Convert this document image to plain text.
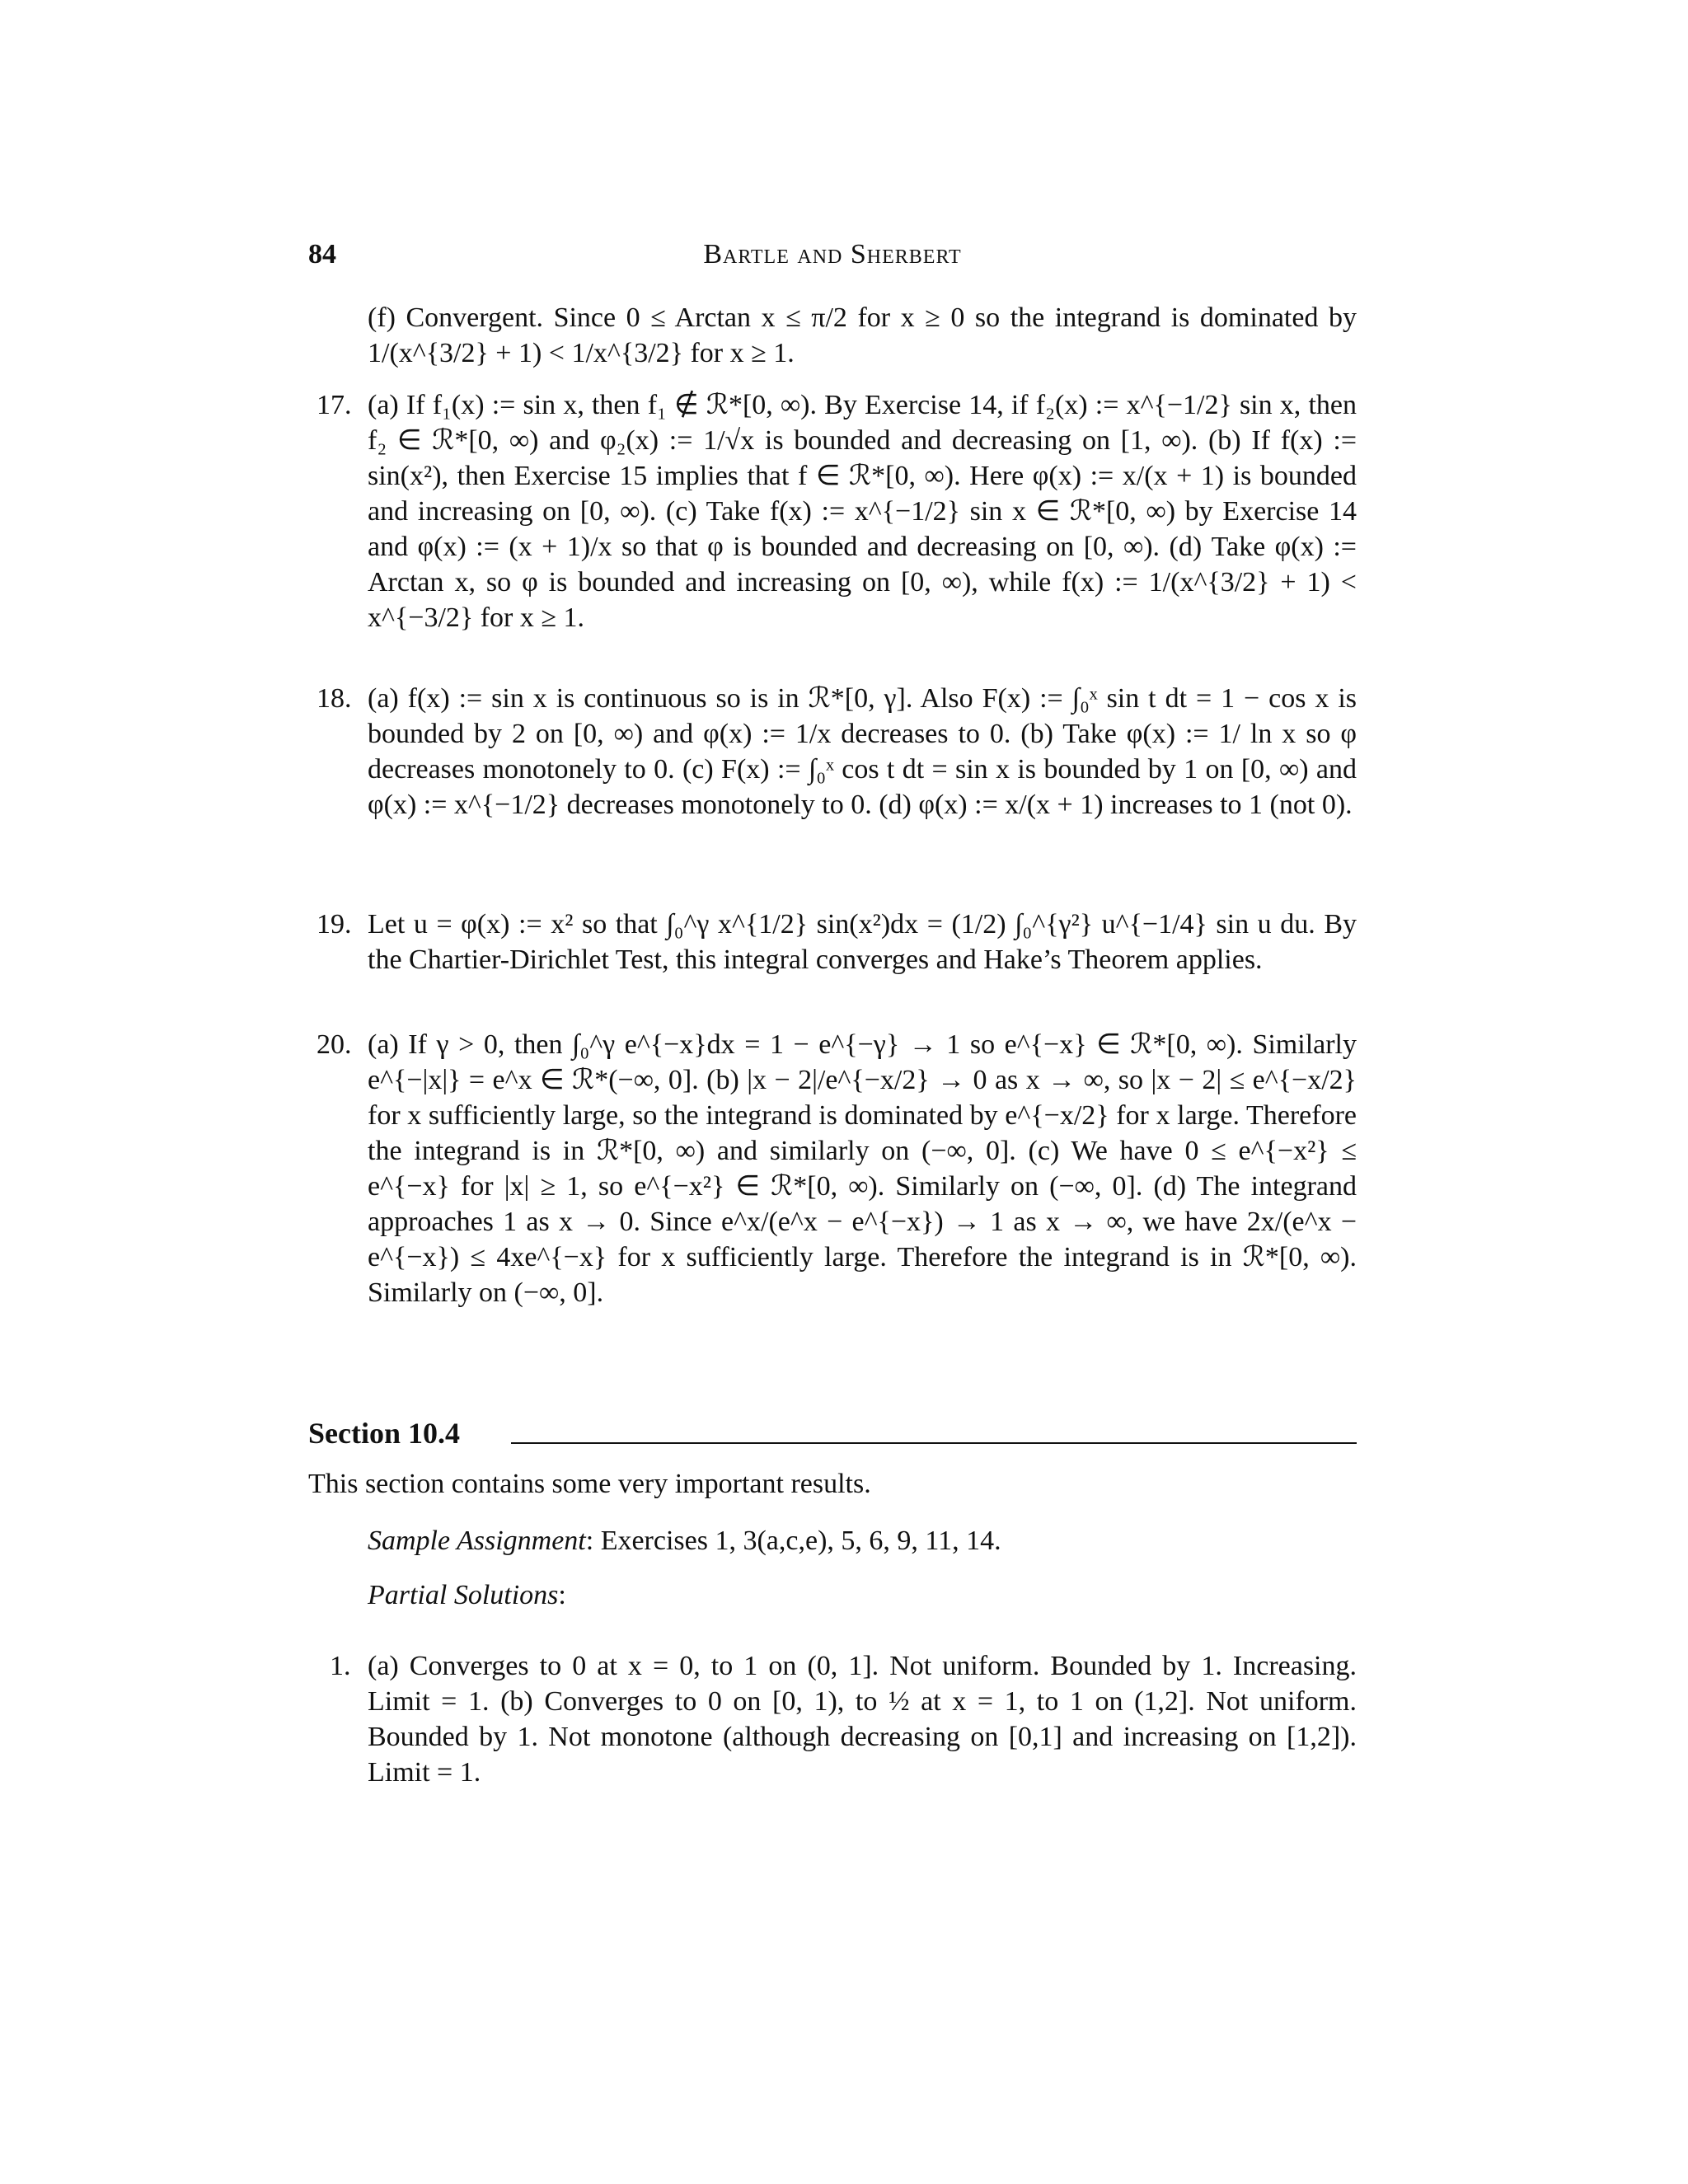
84	Bartle and Sherbert
(f) Convergent. Since 0 ≤ Arctan x ≤ π/2 for x ≥ 0 so the integrand is dominated by 1/(x^{3/2} + 1) < 1/x^{3/2} for x ≥ 1.
17. (a) If f₁(x) := sin x, then f₁ ∉ ℛ*[0, ∞). By Exercise 14, if f₂(x) := x^{−1/2} sin x, then f₂ ∈ ℛ*[0, ∞) and φ₂(x) := 1/√x is bounded and decreasing on [1, ∞). (b) If f(x) := sin(x²), then Exercise 15 implies that f ∈ ℛ*[0, ∞). Here φ(x) := x/(x + 1) is bounded and increasing on [0, ∞). (c) Take f(x) := x^{−1/2} sin x ∈ ℛ*[0, ∞) by Exercise 14 and φ(x) := (x + 1)/x so that φ is bounded and decreasing on [0, ∞). (d) Take φ(x) := Arctan x, so φ is bounded and increasing on [0, ∞), while f(x) := 1/(x^{3/2} + 1) < x^{−3/2} for x ≥ 1.
18. (a) f(x) := sin x is continuous so is in ℛ*[0, γ]. Also F(x) := ∫₀ˣ sin t dt = 1 − cos x is bounded by 2 on [0, ∞) and φ(x) := 1/x decreases to 0. (b) Take φ(x) := 1/ ln x so φ decreases monotonely to 0. (c) F(x) := ∫₀ˣ cos t dt = sin x is bounded by 1 on [0, ∞) and φ(x) := x^{−1/2} decreases monotonely to 0. (d) φ(x) := x/(x + 1) increases to 1 (not 0).
19. Let u = φ(x) := x² so that ∫₀^γ x^{1/2} sin(x²)dx = (1/2) ∫₀^{γ²} u^{−1/4} sin u du. By the Chartier-Dirichlet Test, this integral converges and Hake’s Theorem applies.
20. (a) If γ > 0, then ∫₀^γ e^{−x}dx = 1 − e^{−γ} → 1 so e^{−x} ∈ ℛ*[0, ∞). Similarly e^{−|x|} = e^x ∈ ℛ*(−∞, 0]. (b) |x − 2|/e^{−x/2} → 0 as x → ∞, so |x − 2| ≤ e^{−x/2} for x sufficiently large, so the integrand is dominated by e^{−x/2} for x large. Therefore the integrand is in ℛ*[0, ∞) and similarly on (−∞, 0]. (c) We have 0 ≤ e^{−x²} ≤ e^{−x} for |x| ≥ 1, so e^{−x²} ∈ ℛ*[0, ∞). Similarly on (−∞, 0]. (d) The integrand approaches 1 as x → 0. Since e^x/(e^x − e^{−x}) → 1 as x → ∞, we have 2x/(e^x − e^{−x}) ≤ 4xe^{−x} for x sufficiently large. Therefore the integrand is in ℛ*[0, ∞). Similarly on (−∞, 0].
Section 10.4
This section contains some very important results.
Sample Assignment: Exercises 1, 3(a,c,e), 5, 6, 9, 11, 14.
Partial Solutions:
1. (a) Converges to 0 at x = 0, to 1 on (0, 1]. Not uniform. Bounded by 1. Increasing. Limit = 1. (b) Converges to 0 on [0, 1), to ½ at x = 1, to 1 on (1,2]. Not uniform. Bounded by 1. Not monotone (although decreasing on [0,1] and increasing on [1,2]). Limit = 1.
